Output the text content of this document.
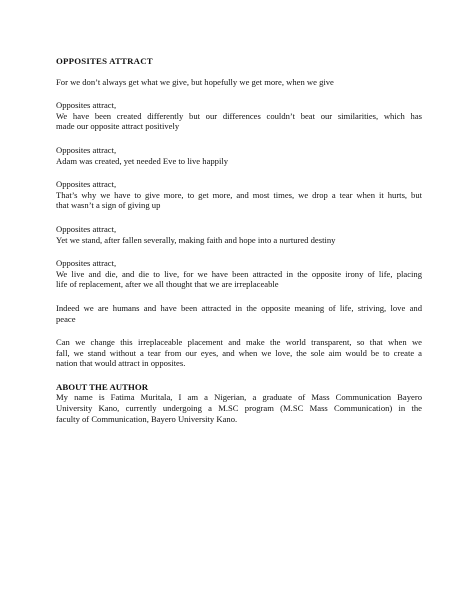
OPPOSITES ATTRACT
For we don’t always get what we give, but hopefully we get more, when we give
Opposites attract,
We have been created differently but our differences couldn’t beat our similarities, which has
made our opposite attract positively
Opposites attract,
Adam was created, yet needed Eve to live happily
Opposites attract,
That’s why we have to give more, to get more, and most times, we drop a tear when it hurts, but
that wasn’t a sign of giving up
Opposites attract,
Yet we stand, after fallen severally, making faith and hope into a nurtured destiny
Opposites attract,
We live and die, and die to live, for we have been attracted in the opposite irony of life, placing
life of replacement, after we all thought that we are irreplaceable
Indeed we are humans and have been attracted in the opposite meaning of life, striving, love and
peace
Can we change this irreplaceable placement and make the world transparent, so that when we
fall, we stand without a tear from our eyes, and when we love, the sole aim would be to create a
nation that would attract in opposites.
ABOUT THE AUTHOR
My name is Fatima Muritala, I am a Nigerian, a graduate of Mass Communication Bayero
University Kano, currently undergoing a M.SC program (M.SC Mass Communication) in the
faculty of Communication, Bayero University Kano.
